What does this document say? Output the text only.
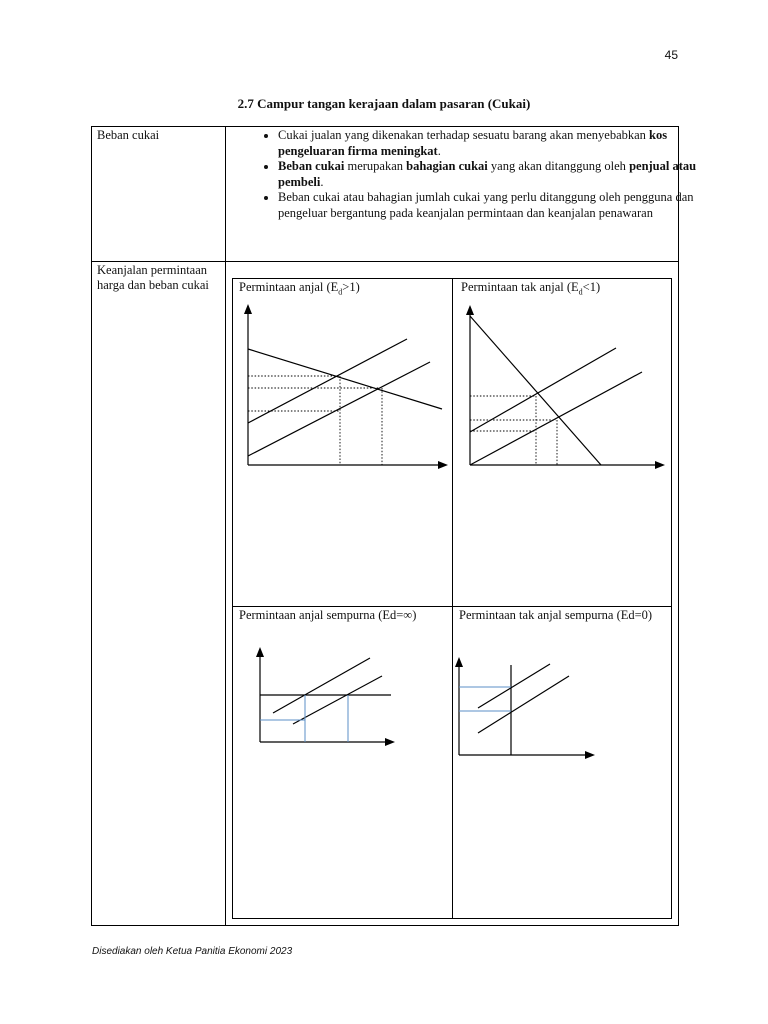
45
2.7 Campur tangan kerajaan dalam pasaran (Cukai)
Beban cukai
Keanjalan permintaan harga dan beban cukai
• Cukai jualan yang dikenakan terhadap sesuatu barang akan menyebabkan kos pengeluaran firma meningkat.
• Beban cukai merupakan bahagian cukai yang akan ditanggung oleh penjual atau pembeli.
• Beban cukai atau bahagian jumlah cukai yang perlu ditanggung oleh pengguna dan pengeluar bergantung pada keanjalan permintaan dan keanjalan penawaran
Permintaan anjal $(E_d>1)$	Permintaan tak anjal $(E_d<1)$
Permintaan anjal sempurna (Ed=∞)	Permintaan tak anjal sempurna (Ed=0)
Disediakan oleh Ketua Panitia Ekonomi 2023
